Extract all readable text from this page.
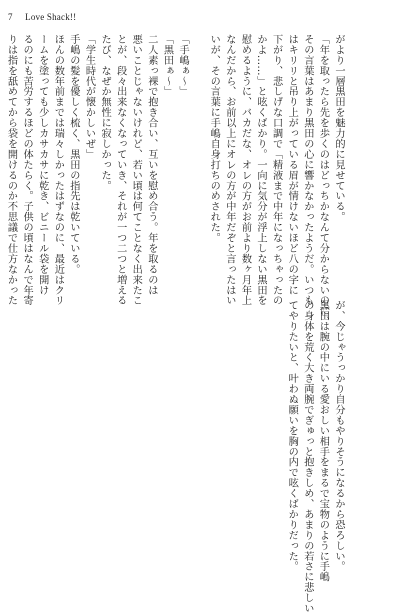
7 Love Shack!!

がより一層黒田を魅力的に見せている。

「年を取ったら先を歩くのはどっちかなんて分からないのに、

その言葉はあまり黒田の心に響かなかったようだ。いつも

はキリリと吊り上がっている眉が情けないほど八の字に

下がり、悲しげな口調で「精液まで中年になっちゃったの

かよ……」と呟くばかり。一向に気分が浮上しない黒田を

慰めるように、バカだな、オレの方がお前より数ヶ月年上

なんだから、お前以上にオレの方が中年だぞと言ったはい

いが、その言葉に手嶋自身打ちのめされた。

「手嶋ぁ～」

「黒田ぁ～」

二人素っ裸で抱き合い、互いを慰め合う。年を取るのは

悪いことじゃないけれど、若い頃は何てことなく出来たこ

とが、段々出来なくなっていき、それが一つ二つと増える

たび、なぜか無性に寂しかった。

「学生時代が懐かしいぜ」

手嶋の髪を優しく梳く、黒田の指先は乾いている。

ほんの数年前までは瑞々しかったはずなのに、最近はクリ

ームを塗っても少しカサカサに乾き、ビニール袋を開け

るのにも苦労するほどの体たらく。子供の頃はなんで年寄

りは指を舐めてから袋を開けるのか不思議で仕方なかった

が、今じゃうっかり自分もやりそうになるから恐ろしい。

黒田は腕の中にいる愛おしい相手をまるで宝物のように手嶋

の身体を荒く大き両腕でぎゅっと抱きしめ、あまりの若さに悲しい

てやりたいと、叶わぬ願いを胸の内で呟くばかりだった。
